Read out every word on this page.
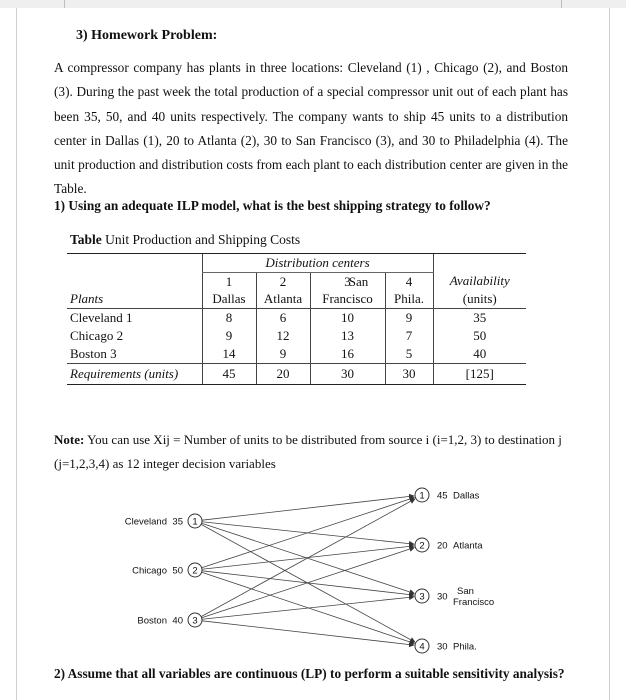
3) Homework Problem:

A compressor company has plants in three locations: Cleveland (1) , Chicago (2), and Boston (3). During the past week the total production of a special compressor unit out of each plant has been 35, 50, and 40 units respectively. The company wants to ship 45 units to a distribution center in Dallas (1), 20 to Atlanta (2), 30 to San Francisco (3), and 30 to Philadelphia (4). The unit production and distribution costs from each plant to each distribution center are given in the Table.

1) Using an adequate ILP model, what is the best shipping strategy to follow?
Table Unit Production and Shipping Costs
	Distribution centers				
	1	2	3	4	Availability
Plants	Dallas	Atlanta	Francisco	Phila.	(units)
Cleveland 1	8	6	10	9	35
Chicago 2	9	12	13	7	50
Boston 3	14	9	16	5	40
Requirements (units)	45	20	30	30	[125]
San

Note: You can use Xij = Number of units to be distributed from source i (i=1,2, 3) to destination j (j=1,2,3,4) as 12 integer decision variables

1
35
Cleveland
2
50
Chicago
3
40
Boston
1 45 Dallas
2 20 Atlanta
3 30 San
Francisco
4 30 Phila.
2) Assume that all variables are continuous (LP) to perform a suitable sensitivity analysis?
